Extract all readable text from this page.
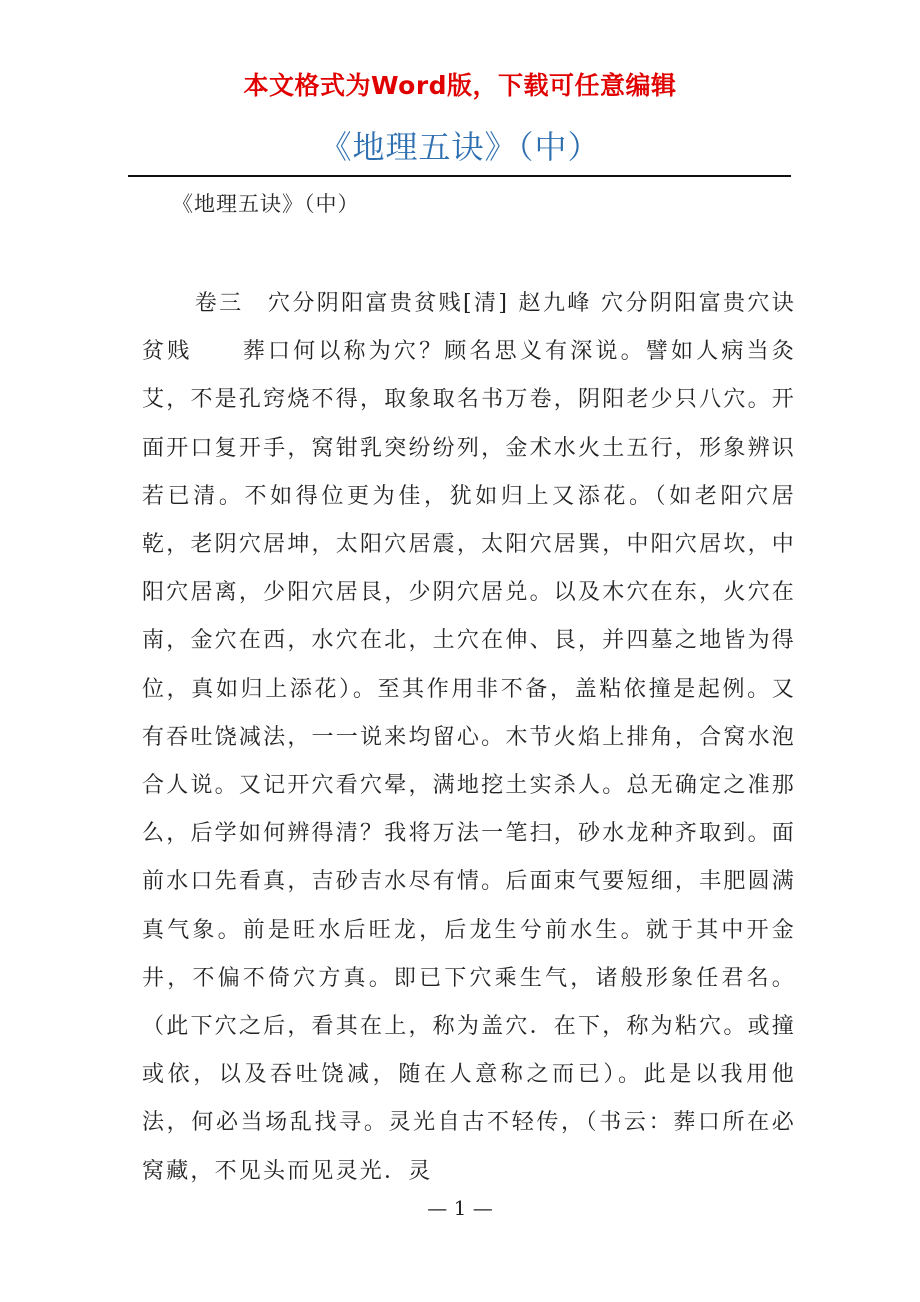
本文格式为Word版，下载可任意编辑
《地理五诀》（中）
《地理五诀》（中）

卷三　穴分阴阳富贵贫贱[清] 赵九峰 穴分阴阳富贵穴诀贫贱　　葬口何以称为穴？顾名思义有深说。譬如人病当灸艾，不是孔窍烧不得，取象取名书万卷，阴阳老少只八穴。开面开口复开手，窝钳乳突纷纷列，金术水火土五行，形象辨识若已清。不如得位更为佳，犹如归上又添花。（如老阳穴居乾，老阴穴居坤，太阳穴居震，太阳穴居巽，中阳穴居坎，中阳穴居离，少阳穴居艮，少阴穴居兑。以及木穴在东，火穴在南，金穴在西，水穴在北，土穴在伸、艮，并四墓之地皆为得位，真如归上添花）。至其作用非不备，盖粘依撞是起例。又有吞吐饶减法，一一说来均留心。木节火焰上排角，合窝水泡合人说。又记开穴看穴晕，满地挖土实杀人。总无确定之准那么，后学如何辨得清？我将万法一笔扫，砂水龙种齐取到。面前水口先看真，吉砂吉水尽有情。后面束气要短细，丰肥圆满真气象。前是旺水后旺龙，后龙生兮前水生。就于其中开金井，不偏不倚穴方真。即已下穴乘生气，诸般形象任君名。（此下穴之后，看其在上，称为盖穴．在下，称为粘穴。或撞或依，以及吞吐饶减，随在人意称之而已）。此是以我用他法，何必当场乱找寻。灵光自古不轻传，（书云：葬口所在必窝藏，不见头而见灵光．灵

— 1 —
